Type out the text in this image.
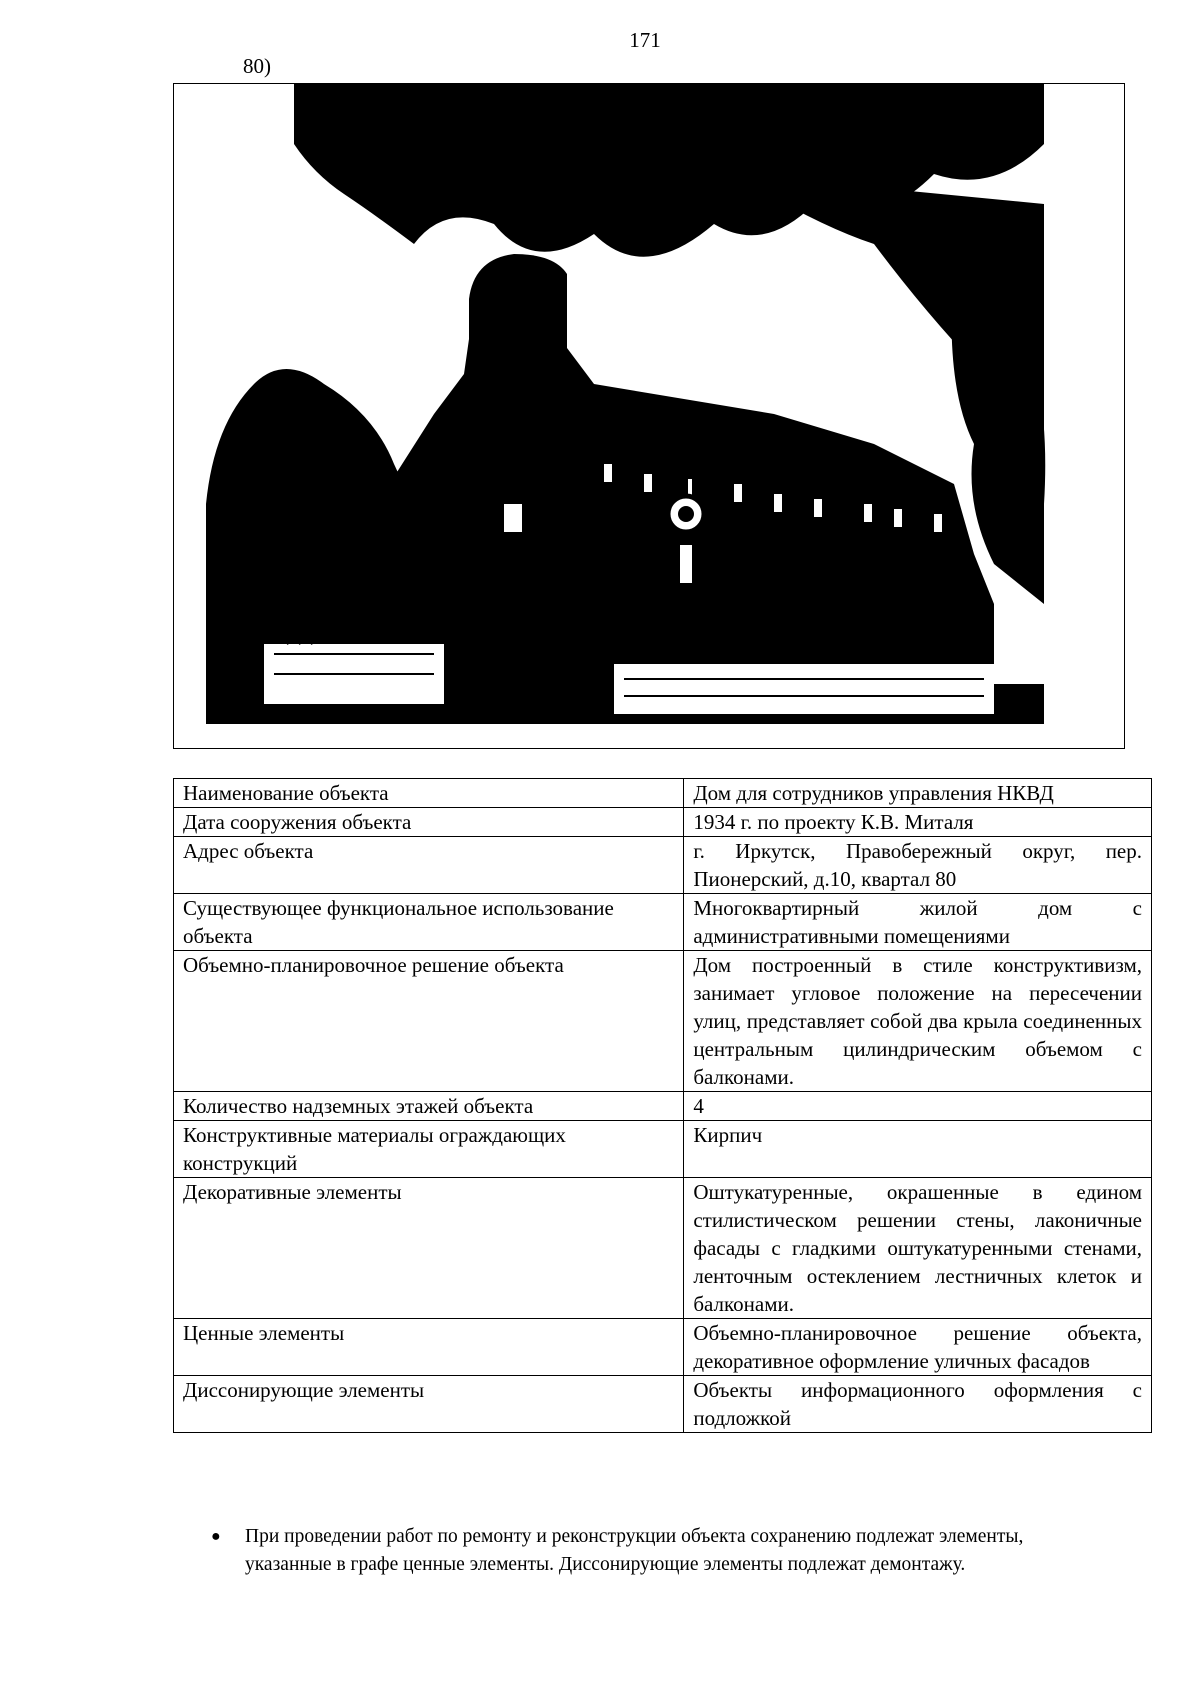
171
80)
Наименование объекта	Дом для сотрудников управления НКВД
Дата сооружения объекта	1934 г. по проекту К.В. Миталя
Адрес объекта	г. Иркутск, Правобережный округ, пер. Пионерский, д.10, квартал 80
Существующее функциональное использование объекта	Многоквартирный жилой дом с административными помещениями
Объемно-планировочное решение объекта	Дом построенный в стиле конструктивизм, занимает угловое положение на пересечении улиц, представляет собой два крыла соединенных центральным цилиндрическим объемом с балконами.
Количество надземных этажей объекта	4
Конструктивные материалы ограждающих конструкций	Кирпич
Декоративные элементы	Оштукатуренные, окрашенные в едином стилистическом решении стены, лаконичные фасады с гладкими оштукатуренными стенами, ленточным остеклением лестничных клеток и балконами.
Ценные элементы	Объемно-планировочное решение объекта, декоративное оформление уличных фасадов
Диссонирующие элементы	Объекты информационного оформления с подложкой
● При проведении работ по ремонту и реконструкции объекта сохранению подлежат элементы, указанные в графе ценные элементы. Диссонирующие элементы подлежат демонтажу.
